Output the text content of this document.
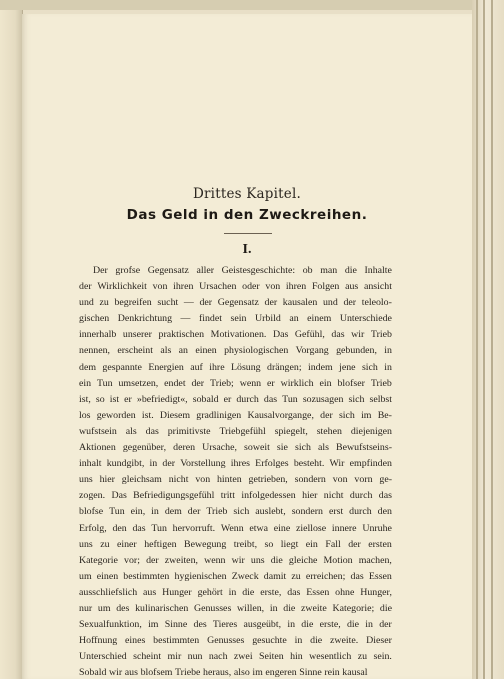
Drittes Kapitel.
Das Geld in den Zweckreihen.
I.
Der grofse Gegensatz aller Geistesgeschichte: ob man die Inhalte
der Wirklichkeit von ihren Ursachen oder von ihren Folgen aus ansicht
und zu begreifen sucht — der Gegensatz der kausalen und der teleolo-
gischen Denkrichtung — findet sein Urbild an einem Unterschiede
innerhalb unserer praktischen Motivationen. Das Gefühl, das wir Trieb
nennen, erscheint als an einen physiologischen Vorgang gebunden, in
dem gespannte Energien auf ihre Lösung drängen; indem jene sich in
ein Tun umsetzen, endet der Trieb; wenn er wirklich ein blofser Trieb
ist, so ist er »befriedigt«, sobald er durch das Tun sozusagen sich selbst
los geworden ist. Diesem gradlinigen Kausalvorgange, der sich im Be-
wufstsein als das primitivste Triebgefühl spiegelt, stehen diejenigen
Aktionen gegenüber, deren Ursache, soweit sie sich als Bewufstseins-
inhalt kundgibt, in der Vorstellung ihres Erfolges besteht. Wir empfinden
uns hier gleichsam nicht von hinten getrieben, sondern von vorn ge-
zogen. Das Befriedigungsgefühl tritt infolgedessen hier nicht durch das
blofse Tun ein, in dem der Trieb sich auslebt, sondern erst durch den
Erfolg, den das Tun hervorruft. Wenn etwa eine ziellose innere Unruhe
uns zu einer heftigen Bewegung treibt, so liegt ein Fall der ersten
Kategorie vor; der zweiten, wenn wir uns die gleiche Motion machen,
um einen bestimmten hygienischen Zweck damit zu erreichen; das Essen
ausschliefslich aus Hunger gehört in die erste, das Essen ohne Hunger,
nur um des kulinarischen Genusses willen, in die zweite Kategorie; die
Sexualfunktion, im Sinne des Tieres ausgeübt, in die erste, die in der
Hoffnung eines bestimmten Genusses gesuchte in die zweite. Dieser
Unterschied scheint mir nun nach zwei Seiten hin wesentlich zu sein.
Sobald wir aus blofsem Triebe heraus, also im engeren Sinne rein kausal
